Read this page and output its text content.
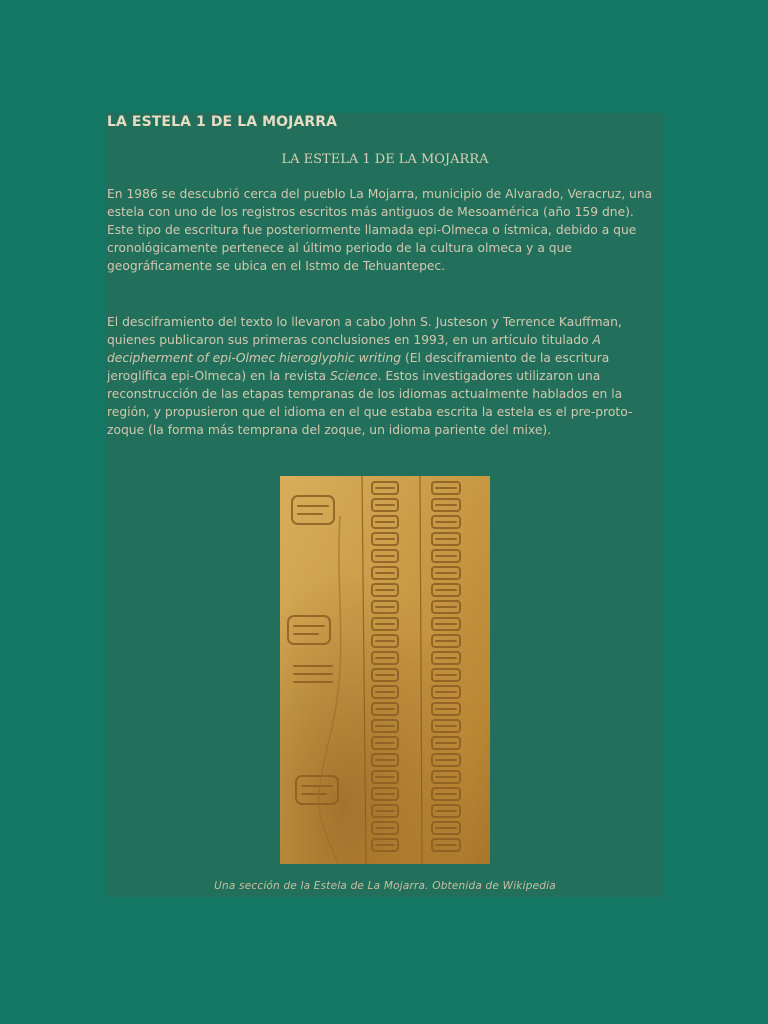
LA ESTELA 1 DE LA MOJARRA

LA ESTELA 1 DE LA MOJARRA

En 1986 se descubrió cerca del pueblo La Mojarra, municipio de Alvarado, Veracruz, una estela con uno de los registros escritos más antiguos de Mesoamérica (año 159 dne). Este tipo de escritura fue posteriormente llamada epi-Olmeca o ístmica, debido a que cronológicamente pertenece al último periodo de la cultura olmeca y a que geográficamente se ubica en el Istmo de Tehuantepec.

El desciframiento del texto lo llevaron a cabo John S. Justeson y Terrence Kauffman, quienes publicaron sus primeras conclusiones en 1993, en un artículo titulado A decipherment of epi-Olmec hieroglyphic writing (El desciframiento de la escritura jeroglífica epi-Olmeca) en la revista Science. Estos investigadores utilizaron una reconstrucción de las etapas tempranas de los idiomas actualmente hablados en la región, y propusieron que el idioma en el que estaba escrita la estela es el pre-proto-zoque (la forma más temprana del zoque, un idioma pariente del mixe).

Una sección de la Estela de La Mojarra. Obtenida de Wikipedia
